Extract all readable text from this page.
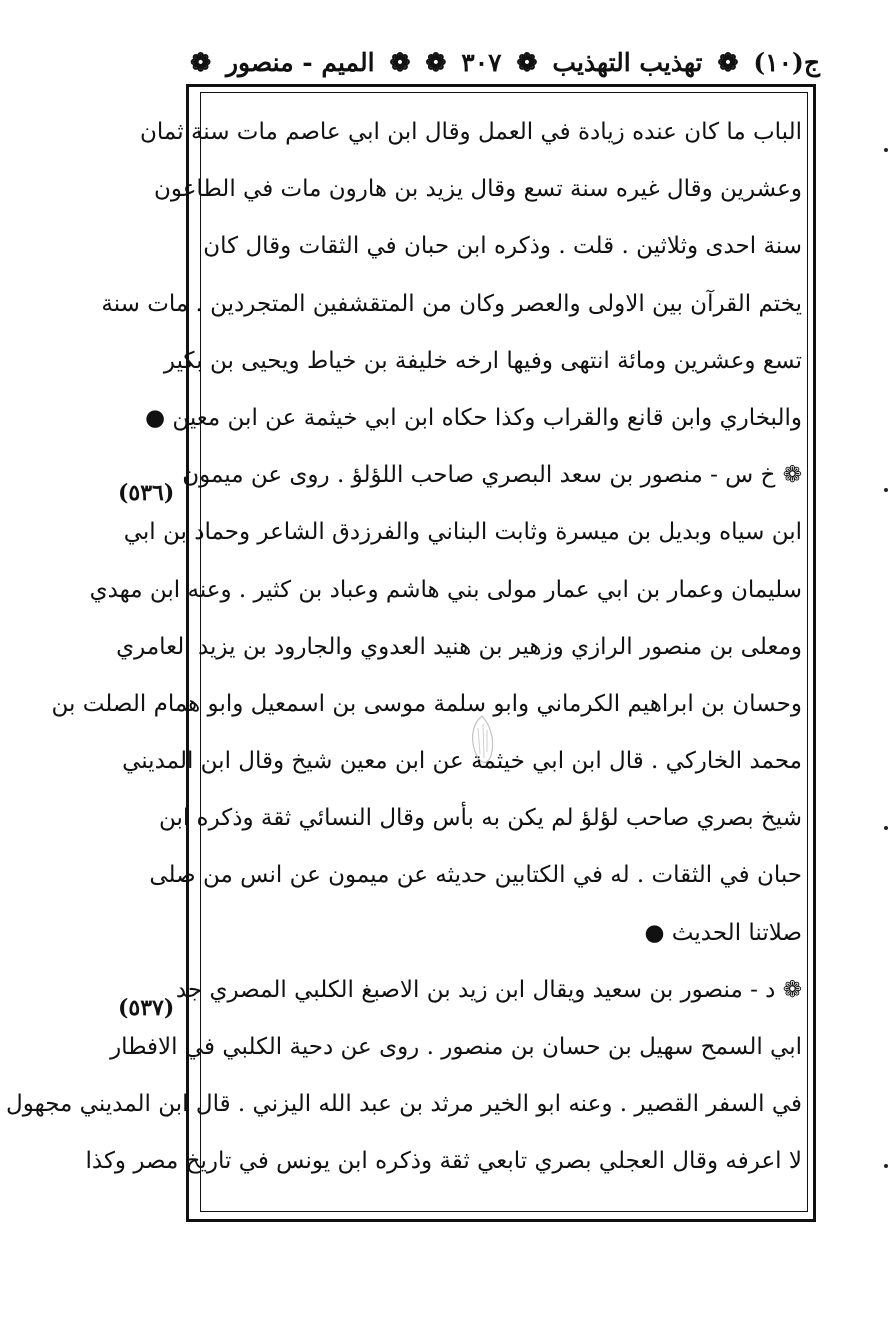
ج(١٠)
❁
تهذيب التهذيب
❁
٣٠٧
❁
❁
الميم - منصور
❁
الباب ما كان عنده زيادة في العمل وقال ابن ابي عاصم مات سنة ثمان
وعشرين وقال غيره سنة تسع وقال يزيد بن هارون مات في الطاعون
سنة احدى وثلاثين . قلت . وذكره ابن حبان في الثقات وقال كان
يختم القرآن بين الاولى والعصر وكان من المتقشفين المتجردين . مات سنة
تسع وعشرين ومائة انتهى وفيها ارخه خليفة بن خياط ويحيى بن بكير
والبخاري وابن قانع والقراب وكذا حكاه ابن ابي خيثمة عن ابن معين ●
❁ خ س - منصور بن سعد البصري صاحب اللؤلؤ . روى عن ميمون
ابن سياه وبديل بن ميسرة وثابت البناني والفرزدق الشاعر وحماد بن ابي
سليمان وعمار بن ابي عمار مولى بني هاشم وعباد بن كثير . وعنه ابن مهدي
ومعلى بن منصور الرازي وزهير بن هنيد العدوي والجارود بن يزيد العامري
وحسان بن ابراهيم الكرماني وابو سلمة موسى بن اسمعيل وابو همام الصلت بن
محمد الخاركي . قال ابن ابي خيثمة عن ابن معين شيخ وقال ابن المديني
شيخ بصري صاحب لؤلؤ لم يكن به بأس وقال النسائي ثقة وذكره ابن
حبان في الثقات . له في الكتابين حديثه عن ميمون عن انس من صلى
صلاتنا الحديث ●
❁ د - منصور بن سعيد ويقال ابن زيد بن الاصبغ الكلبي المصري جد
ابي السمح سهيل بن حسان بن منصور . روى عن دحية الكلبي في الافطار
في السفر القصير . وعنه ابو الخير مرثد بن عبد الله اليزني . قال ابن المديني مجهول
لا اعرفه وقال العجلي بصري تابعي ثقة وذكره ابن يونس في تاريخ مصر وكذا
(٥٣٦)
(٥٣٧)
